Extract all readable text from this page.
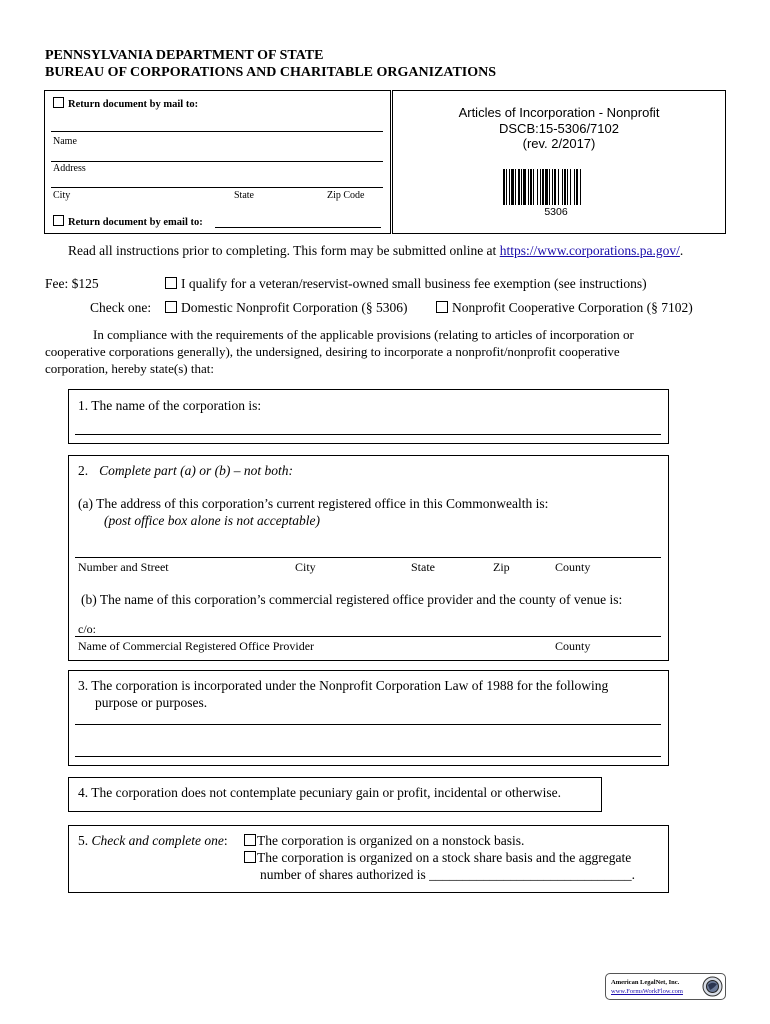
PENNSYLVANIA DEPARTMENT OF STATE
BUREAU OF CORPORATIONS AND CHARITABLE ORGANIZATIONS
Return document by mail to:
Name
Address
City	State	Zip Code
Return document by email to:
Articles of Incorporation - Nonprofit
DSCB:15-5306/7102
(rev. 2/2017)
5306
Read all instructions prior to completing. This form may be submitted online at https://www.corporations.pa.gov/.
Fee: $125	I qualify for a veteran/reservist-owned small business fee exemption (see instructions)
Check one:	Domestic Nonprofit Corporation (§ 5306)	Nonprofit Cooperative Corporation (§ 7102)
In compliance with the requirements of the applicable provisions (relating to articles of incorporation or
cooperative corporations generally), the undersigned, desiring to incorporate a nonprofit/nonprofit cooperative
corporation, hereby state(s) that:
1. The name of the corporation is:
2. Complete part (a) or (b) – not both:
(a) The address of this corporation’s current registered office in this Commonwealth is:
(post office box alone is not acceptable)
Number and Street	City	State	Zip	County
(b) The name of this corporation’s commercial registered office provider and the county of venue is:
c/o:
Name of Commercial Registered Office Provider	County
3. The corporation is incorporated under the Nonprofit Corporation Law of 1988 for the following
purpose or purposes.
4. The corporation does not contemplate pecuniary gain or profit, incidental or otherwise.
5. Check and complete one:	The corporation is organized on a nonstock basis.
The corporation is organized on a stock share basis and the aggregate
number of shares authorized is ______________________________.
American LegalNet, Inc.
www.FormsWorkFlow.com
